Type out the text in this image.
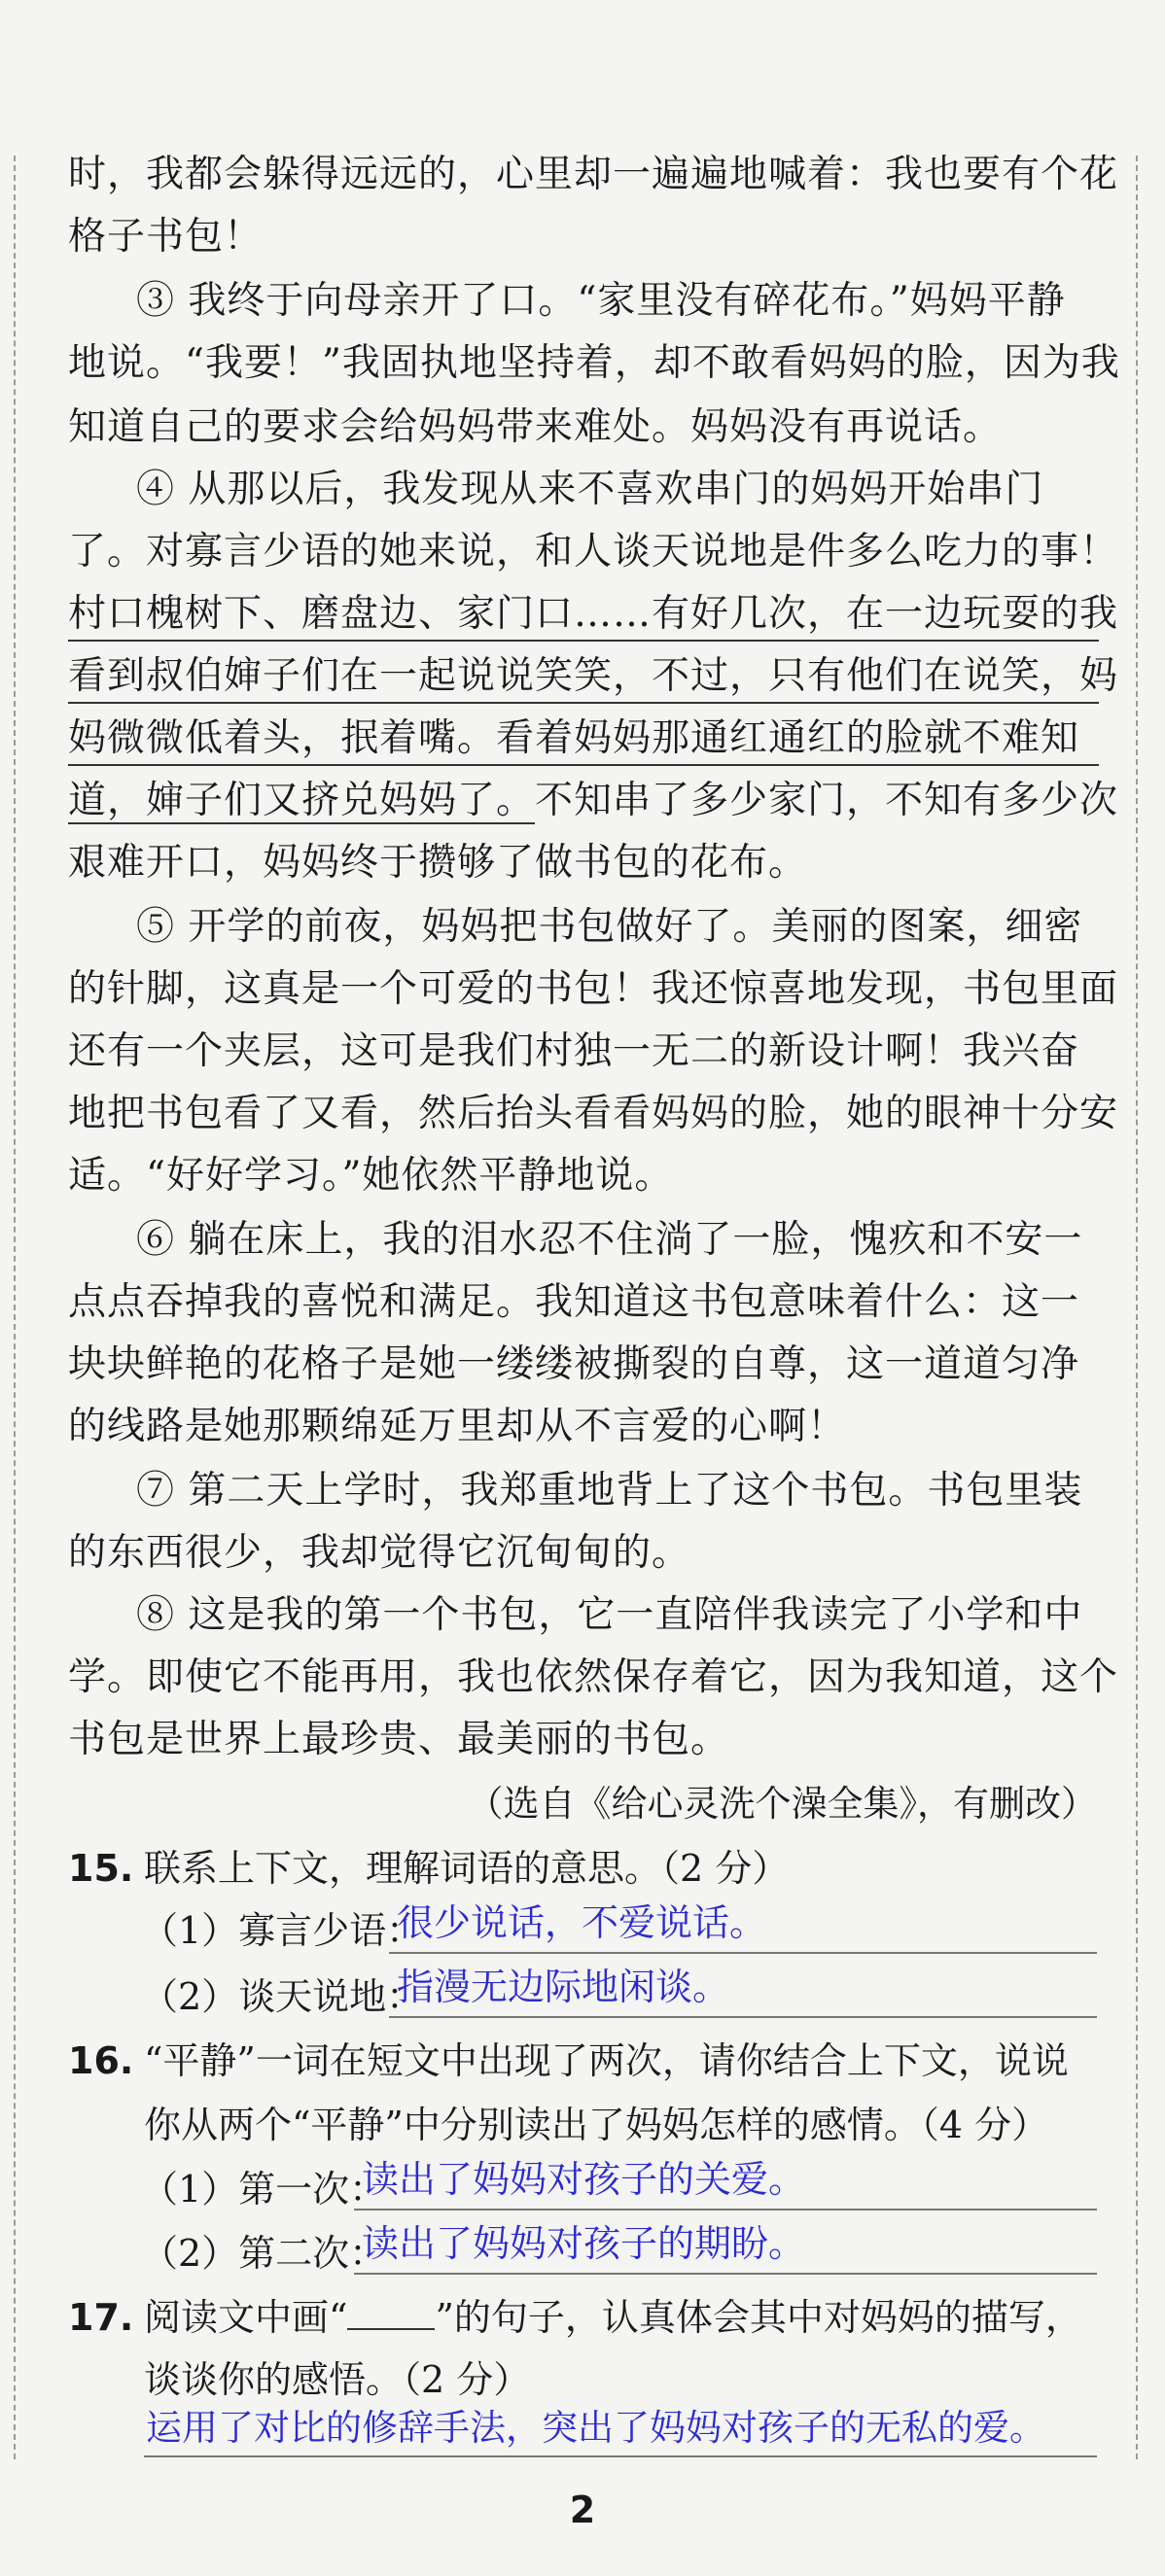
时，我都会躲得远远的，心里却一遍遍地喊着：我也要有个花
格子书包！
③ 我终于向母亲开了口。“家里没有碎花布。”妈妈平静
地说。“我要！”我固执地坚持着，却不敢看妈妈的脸，因为我
知道自己的要求会给妈妈带来难处。妈妈没有再说话。
④ 从那以后，我发现从来不喜欢串门的妈妈开始串门
了。对寡言少语的她来说，和人谈天说地是件多么吃力的事！
村口槐树下、磨盘边、家门口……有好几次，在一边玩耍的我
看到叔伯婶子们在一起说说笑笑，不过，只有他们在说笑，妈
妈微微低着头，抿着嘴。看着妈妈那通红通红的脸就不难知
道，婶子们又挤兑妈妈了。不知串了多少家门，不知有多少次
艰难开口，妈妈终于攒够了做书包的花布。
⑤ 开学的前夜，妈妈把书包做好了。美丽的图案，细密
的针脚，这真是一个可爱的书包！我还惊喜地发现，书包里面
还有一个夹层，这可是我们村独一无二的新设计啊！我兴奋
地把书包看了又看，然后抬头看看妈妈的脸，她的眼神十分安
适。“好好学习。”她依然平静地说。
⑥ 躺在床上，我的泪水忍不住淌了一脸，愧疚和不安一
点点吞掉我的喜悦和满足。我知道这书包意味着什么：这一
块块鲜艳的花格子是她一缕缕被撕裂的自尊，这一道道匀净
的线路是她那颗绵延万里却从不言爱的心啊！
⑦ 第二天上学时，我郑重地背上了这个书包。书包里装
的东西很少，我却觉得它沉甸甸的。
⑧ 这是我的第一个书包，它一直陪伴我读完了小学和中
学。即使它不能再用，我也依然保存着它，因为我知道，这个
书包是世界上最珍贵、最美丽的书包。
（选自《给心灵洗个澡全集》，有删改）
15. 联系上下文，理解词语的意思。（2 分）
（1）寡言少语：
很少说话，不爱说话。
（2）谈天说地：
指漫无边际地闲谈。
16. “平静”一词在短文中出现了两次，请你结合上下文，说说
你从两个“平静”中分别读出了妈妈怎样的感情。（4 分）
（1）第一次：
读出了妈妈对孩子的关爱。
（2）第二次：
读出了妈妈对孩子的期盼。
17. 阅读文中画“ ”的句子，认真体会其中对妈妈的描写，
谈谈你的感悟。（2 分）
运用了对比的修辞手法，突出了妈妈对孩子的无私的爱。
2
